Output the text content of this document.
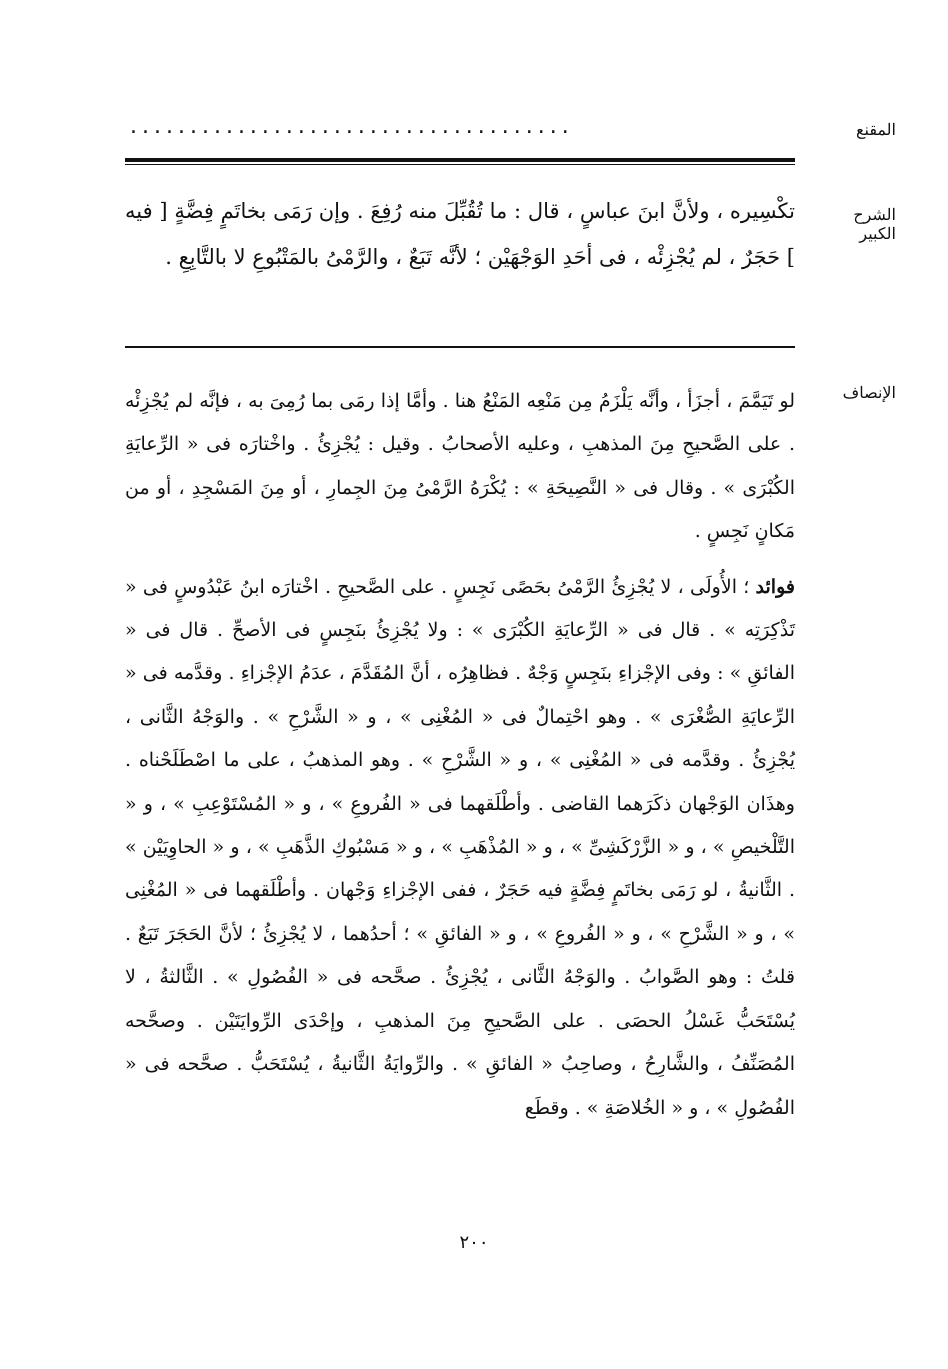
المقنع
.....................................
الشرح الكبير

تكْسِيره ، ولأنَّ ابنَ عباسٍ ، قال : ما تُقُبِّلَ منه رُفِعَ . وإن رَمَى بخاتَمٍ فِضَّةٍ [ فيه ] حَجَرٌ ، لم يُجْزِئْه ، فى أحَدِ الوَجْهَيْن ؛ لأنَّه تَبَعٌ ، والرَّمْىُ بالمَتْبُوعِ لا بالتَّابِعِ .

الإنصاف

لو تَيَمَّمَ ، أجزَأ ، وأنَّه يَلْزَمُ مِن مَنْعِه المَنْعُ هنا . وأمَّا إذا رمَى بما رُمِىَ به ، فإنَّه لم يُجْزِئْه . على الصَّحيحِ مِنَ المذهبِ ، وعليه الأصحابُ . وقيل : يُجْزِئُ . واخْتارَه فى « الرِّعايَةِ الكُبْرَى » . وقال فى « النَّصِيحَةِ » : يُكْرَهُ الرَّمْىُ مِنَ الجِمارِ ، أو مِنَ المَسْجِدِ ، أو من مَكانٍ نَجِسٍ .

فوائد ؛ الأُولَى ، لا يُجْزِئُ الرَّمْىُ بحَصًى نَجِسٍ . على الصَّحيحِ . اخْتارَه ابنُ عَبْدُوسٍ فى « تَذْكِرَتِه » . قال فى « الرِّعايَةِ الكُبْرَى » : ولا يُجْزِئُ بنَجِسٍ فى الأصحِّ . قال فى « الفائقِ » : وفى الإجْزاءِ بنَجِسٍ وَجْهٌ . فظاهِرُه ، أنَّ المُقَدَّمَ ، عدَمُ الإجْزاءِ . وقدَّمه فى « الرِّعايَةِ الصُّغْرَى » . وهو احْتِمالٌ فى « المُغْنِى » ، و « الشَّرْحِ » . والوَجْهُ الثَّانى ، يُجْزِئُ . وقدَّمه فى « المُغْنِى » ، و « الشَّرْحِ » . وهو المذهبُ ، على ما اصْطَلَحْناه . وهذَان الوَجْهان ذكَرَهما القاضى . وأطْلَقهما فى « الفُروعِ » ، و « المُسْتَوْعِبِ » ، و « التَّلْخيصِ » ، و « الزَّرْكَشِىِّ » ، و « المُذْهَبِ » ، و « مَسْبُوكِ الذَّهَبِ » ، و « الحاوِيَيْن » . الثَّانيةُ ، لو رَمَى بخاتَمٍ فِضَّةٍ فيه حَجَرٌ ، ففى الإجْزاءِ وَجْهان . وأطْلَقهما فى « المُغْنِى » ، و « الشَّرْحِ » ، و « الفُروعِ » ، و « الفائقِ » ؛ أحدُهما ، لا يُجْزِئُ ؛ لأنَّ الحَجَرَ تَبَعٌ . قلتُ : وهو الصَّوابُ . والوَجْهُ الثَّانى ، يُجْزِئُ . صحَّحه فى « الفُصُولِ » . الثَّالثةُ ، لا يُسْتَحَبُّ غَسْلُ الحصَى . على الصَّحيحِ مِنَ المذهبِ ، وإحْدَى الرِّوايَتَيْن . وصحَّحه المُصَنِّفُ ، والشَّارِحُ ، وصاحِبُ « الفائقِ » . والرِّوايَةُ الثَّانيةُ ، يُسْتَحَبُّ . صحَّحه فى « الفُصُولِ » ، و « الخُلاصَةِ » . وقطَع

٢٠٠
